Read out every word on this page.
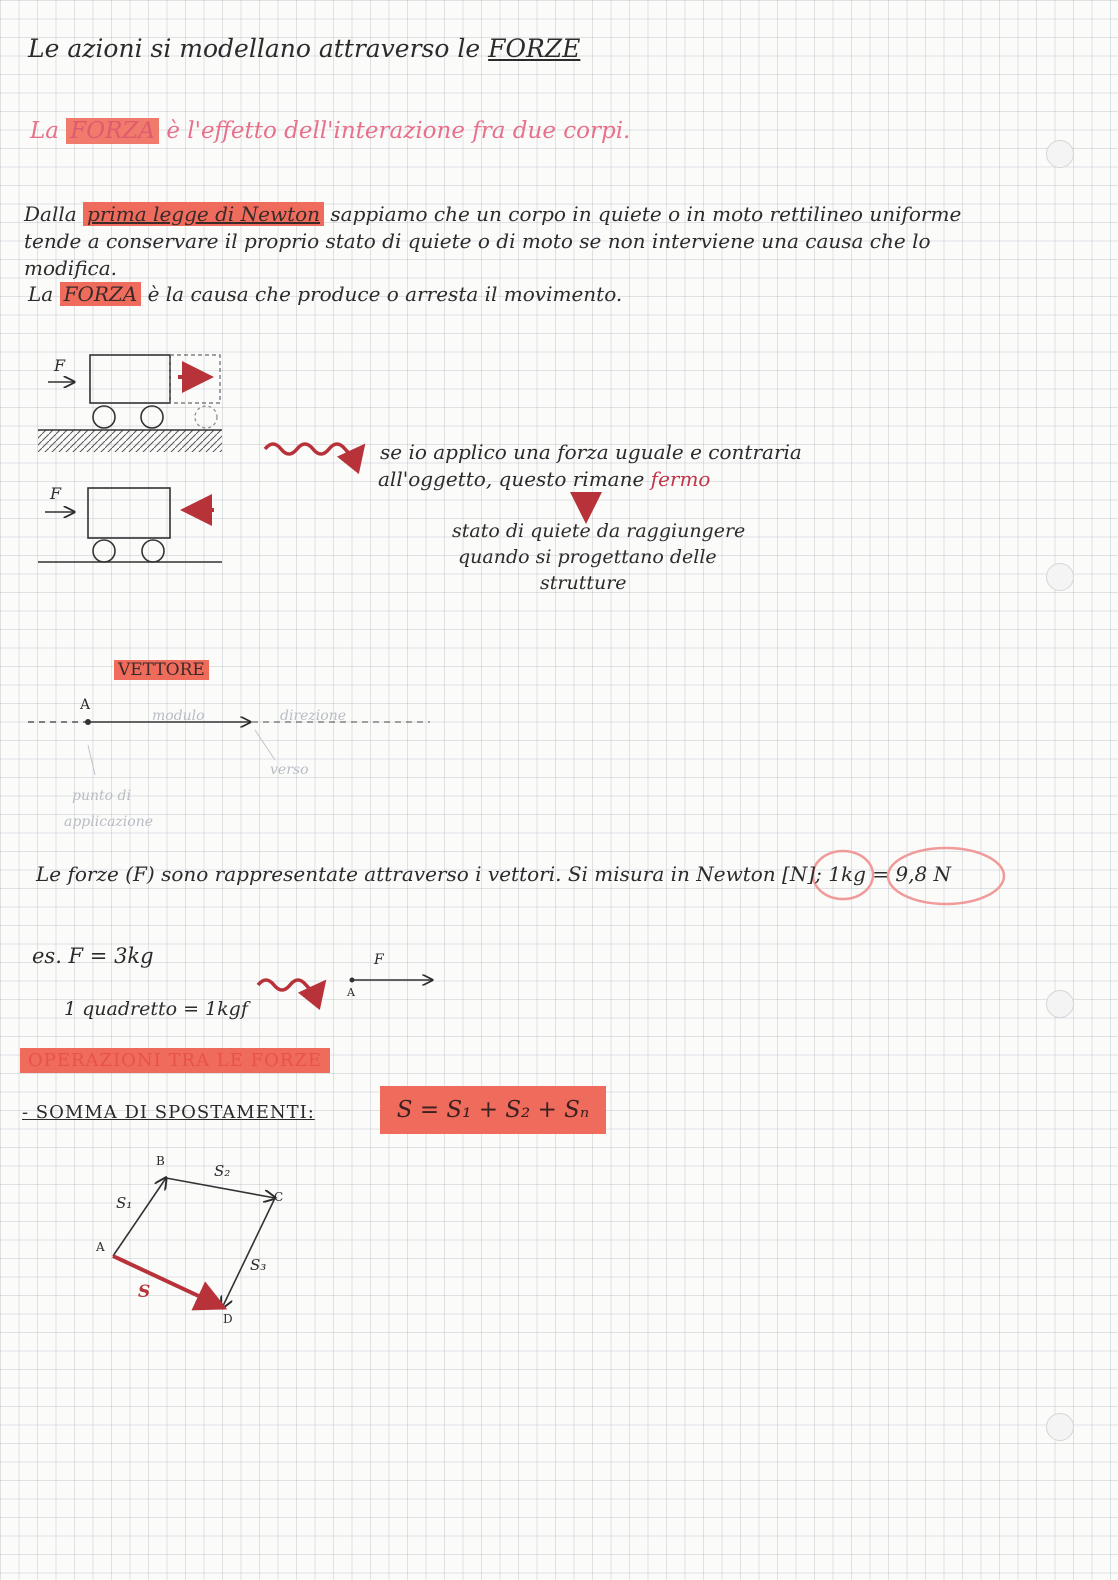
Le azioni si modellano attraverso le FORZE
La FORZA è l'effetto dell'interazione fra due corpi.
Dalla prima legge di Newton sappiamo che un corpo in quiete o in moto rettilineo uniforme
tende a conservare il proprio stato di quiete o di moto se non interviene una causa che lo
modifica.
La FORZA è la causa che produce o arresta il movimento.
F
F
se io applico una forza uguale e contraria
all'oggetto, questo rimane fermo
stato di quiete da raggiungere
quando si progettano delle
strutture
VETTORE
A
modulo	direzione
verso
punto di
applicazione
Le forze (F) sono rappresentate attraverso i vettori. Si misura in Newton [N]; 1kg = 9,8 N
es. F = 3kg
1 quadretto = 1kgf
F
A
OPERAZIONI TRA LE FORZE
- SOMMA DI SPOSTAMENTI:	S = S₁ + S₂ + Sₙ
A
B
C
D
S₁
S₂
S₃
S
